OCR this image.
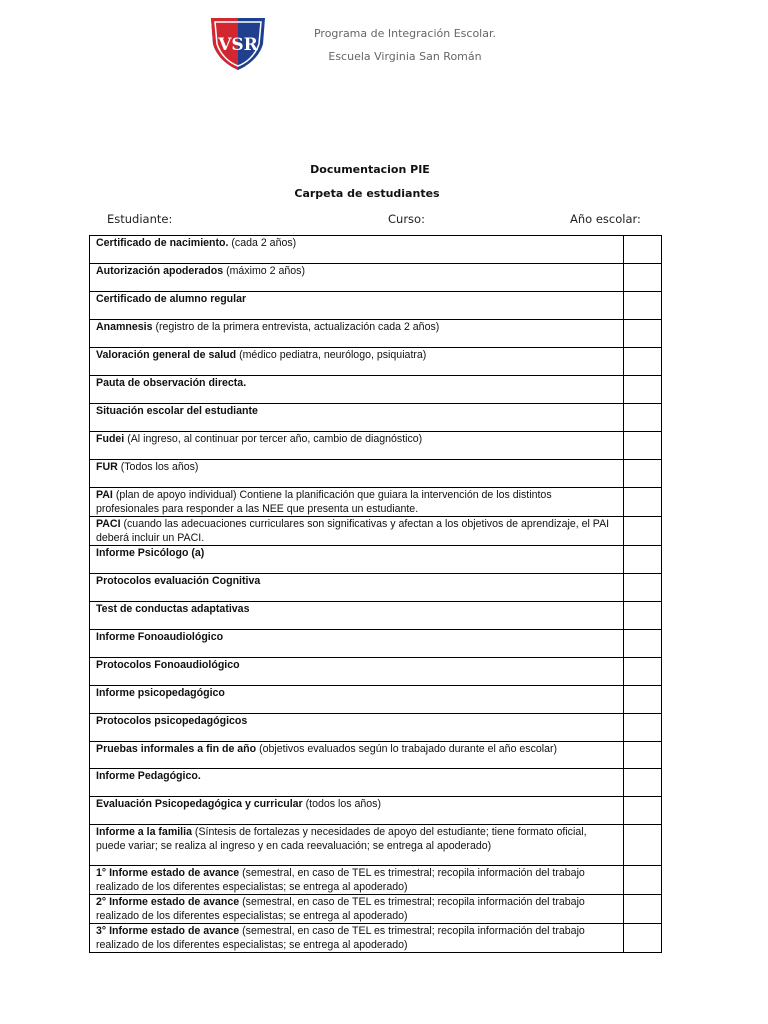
VSR
Programa de Integración Escolar.
Escuela Virginia San Román
Documentacion PIE
Carpeta de estudiantes
Estudiante:	Curso:	Año escolar:
Certificado de nacimiento. (cada 2 años)	
Autorización apoderados (máximo 2 años)	
Certificado de alumno regular	
Anamnesis (registro de la primera entrevista, actualización cada 2 años)	
Valoración general de salud (médico pediatra, neurólogo, psiquiatra)	
Pauta de observación directa.	
Situación escolar del estudiante	
Fudei (Al ingreso, al continuar por tercer año, cambio de diagnóstico)	
FUR (Todos los años)	
PAI (plan de apoyo individual) Contiene la planificación que guiara la intervención de los distintos profesionales para responder a las NEE que presenta un estudiante.	
PACI (cuando las adecuaciones curriculares son significativas y afectan a los objetivos de aprendizaje, el PAI deberá incluir un PACI.	
Informe Psicólogo (a)	
Protocolos evaluación Cognitiva	
Test de conductas adaptativas	
Informe Fonoaudiológico	
Protocolos Fonoaudiológico	
Informe psicopedagógico	
Protocolos psicopedagógicos	
Pruebas informales a fin de año (objetivos evaluados según lo trabajado durante el año escolar)	
Informe Pedagógico.	
Evaluación Psicopedagógica y curricular (todos los años)	
Informe a la familia (Síntesis de fortalezas y necesidades de apoyo del estudiante; tiene formato oficial, puede variar; se realiza al ingreso y en cada reevaluación; se entrega al apoderado)	
1° Informe estado de avance (semestral, en caso de TEL es trimestral; recopila información del trabajo realizado de los diferentes especialistas; se entrega al apoderado)	
2° Informe estado de avance (semestral, en caso de TEL es trimestral; recopila información del trabajo realizado de los diferentes especialistas; se entrega al apoderado)	
3° Informe estado de avance (semestral, en caso de TEL es trimestral; recopila información del trabajo realizado de los diferentes especialistas; se entrega al apoderado)	
